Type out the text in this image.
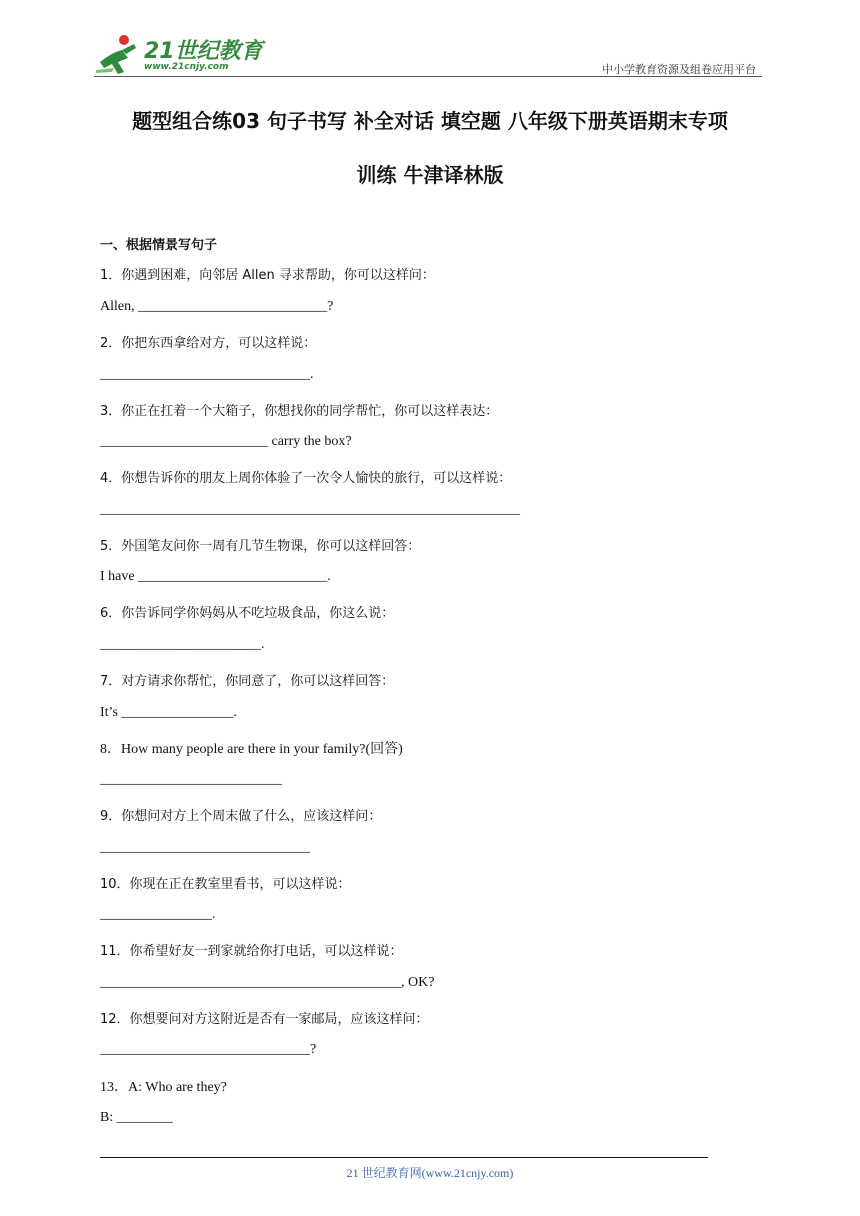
21世纪教育
www.21cnjy.com	中小学教育资源及组卷应用平台
题型组合练03 句子书写 补全对话 填空题 八年级下册英语期末专项
训练 牛津译林版
一、根据情景写句子
1．你遇到困难，向邻居 Allen 寻求帮助，你可以这样问：
Allen, ___________________________?
2．你把东西拿给对方，可以这样说：
______________________________.
3．你正在扛着一个大箱子，你想找你的同学帮忙，你可以这样表达：
________________________ carry the box?
4．你想告诉你的朋友上周你体验了一次令人愉快的旅行，可以这样说：
____________________________________________________________
5．外国笔友问你一周有几节生物课，你可以这样回答：
I have ___________________________.
6．你告诉同学你妈妈从不吃垃圾食品，你这么说：
_______________________.
7．对方请求你帮忙，你同意了，你可以这样回答：
It’s ________________.
8．How many people are there in your family?(回答)
__________________________
9．你想问对方上个周末做了什么，应该这样问：
______________________________
10．你现在正在教室里看书，可以这样说：
________________.
11．你希望好友一到家就给你打电话，可以这样说：
___________________________________________, OK?
12．你想要问对方这附近是否有一家邮局，应该这样问：
______________________________?
13．A: Who are they?
B: ________
21 世纪教育网(www.21cnjy.com)
